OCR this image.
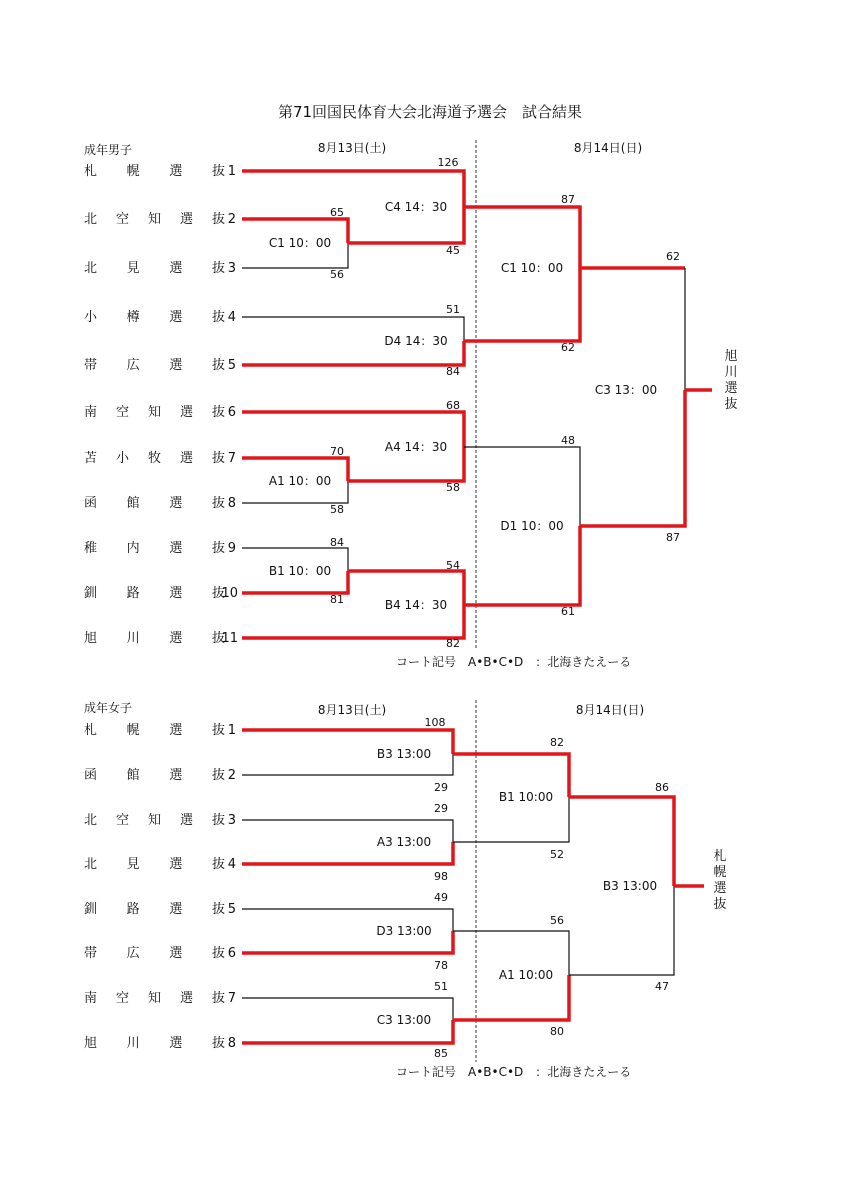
第71回国民体育大会北海道予選会　試合結果
成年男子	8月13日(土)	8月14日(日)
札 幌 選 抜 1
北 空 知 選 抜 2
北 見 選 抜 3
小 樽 選 抜 4
帯 広 選 抜 5
南 空 知 選 抜 6
苫 小 牧 選 抜 7
函 館 選 抜 8
稚 内 選 抜 9
釧 路 選 抜
10
旭 川 選 抜
11
C1 10：00
65
56
A1 10：00
70
58
B1 10：00
84
81
C4 14：30
126
45
D4 14：30
51
84
A4 14：30
68
58
B4 14：30
54
82
C1 10：00
87
62
D1 10：00
48
61
C3 13：00
62
87
旭川選抜
コート記号　A•B•C•D　：北海きたえーる
成年女子	8月13日(土)	8月14日(日)
札 幌 選 抜 1
函 館 選 抜 2
北 空 知 選 抜 3
北 見 選 抜 4
釧 路 選 抜 5
帯 広 選 抜 6
南 空 知 選 抜 7
旭 川 選 抜 8
B3 13:00
108
29
A3 13:00
29
98
D3 13:00
49
78
C3 13:00
51
85
B1 10:00
82
52
A1 10:00
56
80
B3 13:00
86
47
札幌選抜
コート記号　A•B•C•D　：北海きたえーる
